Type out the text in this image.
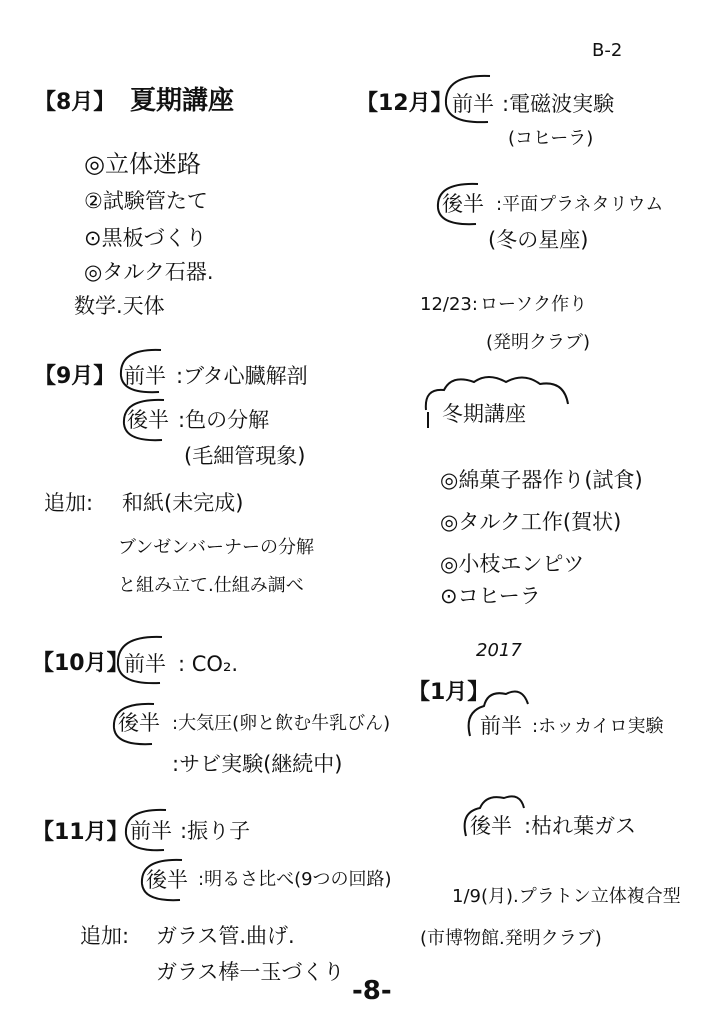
B-2
【8月】 夏期講座
◎立体迷路
②試験管たて
⊙黒板づくり
◎タルク石器.
数学.天体
【9月】 前半 :ブタ心臓解剖
後半 :色の分解
(毛細管現象)
追加: 和紙(未完成)
ブンゼンバーナーの分解
と組み立て.仕組み調べ
【10月】
前半 : CO₂.
後半 :大気圧(卵と飲む牛乳びん)
:サビ実験(継続中)
【11月】 前半 :振り子
後半 :明るさ比べ(9つの回路)
追加: ガラス管.曲げ.
ガラス棒一玉づくり
【12月】 前半 :電磁波実験
(コヒーラ)
後半 :平面プラネタリウム
(冬の星座)
12/23: ローソク作り
(発明クラブ)
冬期講座
◎綿菓子器作り(試食)
◎タルク工作(賀状)
◎小枝エンピツ
⊙コヒーラ
2017
【1月】
前半 :ホッカイロ実験
後半 :枯れ葉ガス
1/9(月).プラトン立体複合型
(市博物館.発明クラブ)
-8-
